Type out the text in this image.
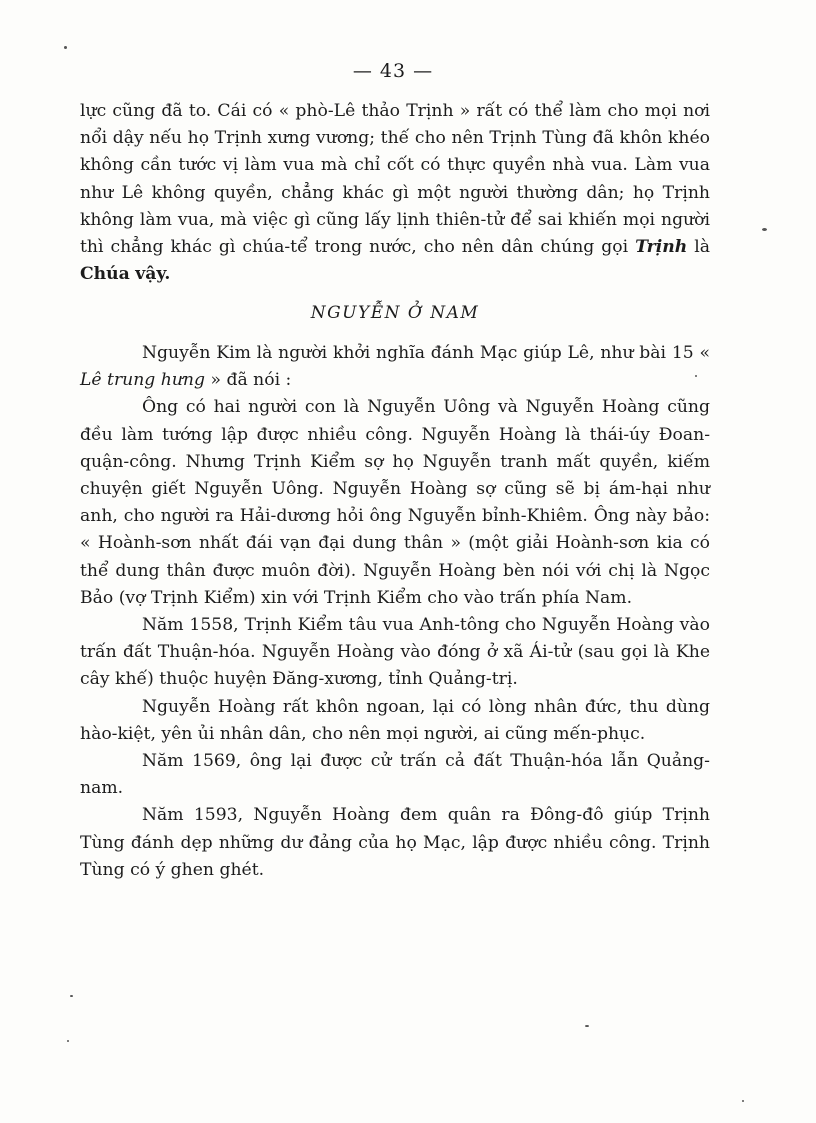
— 43 —

lực cũng đã to. Cái có « phò-Lê thảo Trịnh » rất có thể làm cho mọi nơi nổi dậy nếu họ Trịnh xưng vương; thế cho nên Trịnh Tùng đã khôn khéo không cần tước vị làm vua mà chỉ cốt có thực quyền nhà vua. Làm vua như Lê không quyền, chẳng khác gì một người thường dân; họ Trịnh không làm vua, mà việc gì cũng lấy lịnh thiên-tử để sai khiến mọi người thì chẳng khác gì chúa-tể trong nước, cho nên dân chúng gọi Trịnh là Chúa vậy.

NGUYỄN Ở NAM

Nguyễn Kim là người khởi nghĩa đánh Mạc giúp Lê, như bài 15 « Lê trung hưng » đã nói :

Ông có hai người con là Nguyễn Uông và Nguyễn Hoàng cũng đều làm tướng lập được nhiều công. Nguyễn Hoàng là thái-úy Đoan-quận-công. Nhưng Trịnh Kiểm sợ họ Nguyễn tranh mất quyền, kiếm chuyện giết Nguyễn Uông. Nguyễn Hoàng sợ cũng sẽ bị ám-hại như anh, cho người ra Hải-dương hỏi ông Nguyễn bỉnh-Khiêm. Ông này bảo: « Hoành-sơn nhất đái vạn đại dung thân » (một giải Hoành-sơn kia có thể dung thân được muôn đời). Nguyễn Hoàng bèn nói với chị là Ngọc Bảo (vợ Trịnh Kiểm) xin với Trịnh Kiểm cho vào trấn phía Nam.

Năm 1558, Trịnh Kiểm tâu vua Anh-tông cho Nguyễn Hoàng vào trấn đất Thuận-hóa. Nguyễn Hoàng vào đóng ở xã Ái-tử (sau gọi là Khe cây khế) thuộc huyện Đăng-xương, tỉnh Quảng-trị.

Nguyễn Hoàng rất khôn ngoan, lại có lòng nhân đức, thu dùng hào-kiệt, yên ủi nhân dân, cho nên mọi người, ai cũng mến-phục.

Năm 1569, ông lại được cử trấn cả đất Thuận-hóa lẫn Quảng-nam.

Năm 1593, Nguyễn Hoàng đem quân ra Đông-đô giúp Trịnh Tùng đánh dẹp những dư đảng của họ Mạc, lập được nhiều công. Trịnh Tùng có ý ghen ghét.
